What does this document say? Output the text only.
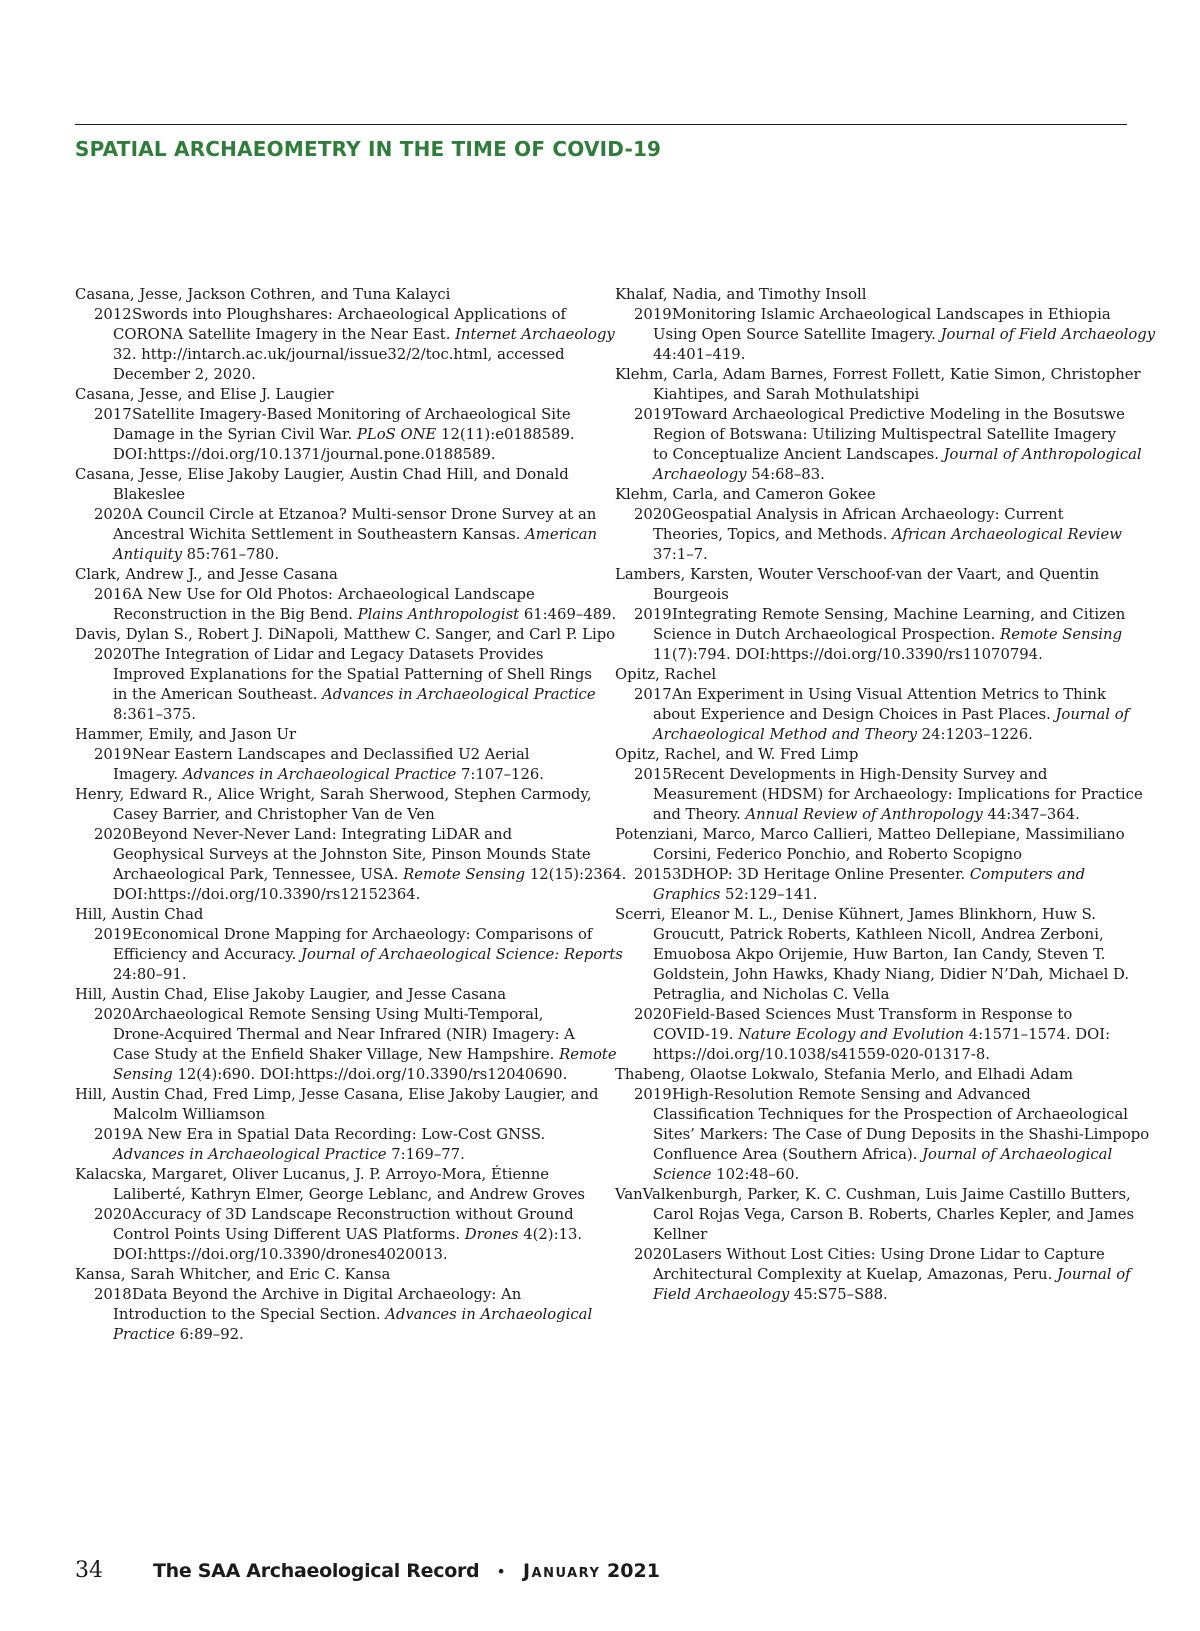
SPATIAL ARCHAEOMETRY IN THE TIME OF COVID-19
Casana, Jesse, Jackson Cothren, and Tuna Kalayci
2012 Swords into Ploughshares: Archaeological Applications of
CORONA Satellite Imagery in the Near East. Internet Archaeology
32. http://intarch.ac.uk/journal/issue32/2/toc.html, accessed
December 2, 2020.
Casana, Jesse, and Elise J. Laugier
2017 Satellite Imagery-Based Monitoring of Archaeological Site
Damage in the Syrian Civil War. PLoS ONE 12(11):e0188589.
DOI:https://doi.org/10.1371/journal.pone.0188589.
Casana, Jesse, Elise Jakoby Laugier, Austin Chad Hill, and Donald
Blakeslee
2020 A Council Circle at Etzanoa? Multi-sensor Drone Survey at an
Ancestral Wichita Settlement in Southeastern Kansas. American
Antiquity 85:761–780.
Clark, Andrew J., and Jesse Casana
2016 A New Use for Old Photos: Archaeological Landscape
Reconstruction in the Big Bend. Plains Anthropologist 61:469–489.
Davis, Dylan S., Robert J. DiNapoli, Matthew C. Sanger, and Carl P. Lipo
2020 The Integration of Lidar and Legacy Datasets Provides
Improved Explanations for the Spatial Patterning of Shell Rings
in the American Southeast. Advances in Archaeological Practice
8:361–375.
Hammer, Emily, and Jason Ur
2019 Near Eastern Landscapes and Declassified U2 Aerial
Imagery. Advances in Archaeological Practice 7:107–126.
Henry, Edward R., Alice Wright, Sarah Sherwood, Stephen Carmody,
Casey Barrier, and Christopher Van de Ven
2020 Beyond Never-Never Land: Integrating LiDAR and
Geophysical Surveys at the Johnston Site, Pinson Mounds State
Archaeological Park, Tennessee, USA. Remote Sensing 12(15):2364.
DOI:https://doi.org/10.3390/rs12152364.
Hill, Austin Chad
2019 Economical Drone Mapping for Archaeology: Comparisons of
Efficiency and Accuracy. Journal of Archaeological Science: Reports
24:80–91.
Hill, Austin Chad, Elise Jakoby Laugier, and Jesse Casana
2020 Archaeological Remote Sensing Using Multi-Temporal,
Drone-Acquired Thermal and Near Infrared (NIR) Imagery: A
Case Study at the Enfield Shaker Village, New Hampshire. Remote
Sensing 12(4):690. DOI:https://doi.org/10.3390/rs12040690.
Hill, Austin Chad, Fred Limp, Jesse Casana, Elise Jakoby Laugier, and
Malcolm Williamson
2019 A New Era in Spatial Data Recording: Low-Cost GNSS.
Advances in Archaeological Practice 7:169–77.
Kalacska, Margaret, Oliver Lucanus, J. P. Arroyo-Mora, Étienne
Laliberté, Kathryn Elmer, George Leblanc, and Andrew Groves
2020 Accuracy of 3D Landscape Reconstruction without Ground
Control Points Using Different UAS Platforms. Drones 4(2):13.
DOI:https://doi.org/10.3390/drones4020013.
Kansa, Sarah Whitcher, and Eric C. Kansa
2018 Data Beyond the Archive in Digital Archaeology: An
Introduction to the Special Section. Advances in Archaeological
Practice 6:89–92.
Khalaf, Nadia, and Timothy Insoll
2019 Monitoring Islamic Archaeological Landscapes in Ethiopia
Using Open Source Satellite Imagery. Journal of Field Archaeology
44:401–419.
Klehm, Carla, Adam Barnes, Forrest Follett, Katie Simon, Christopher
Kiahtipes, and Sarah Mothulatshipi
2019 Toward Archaeological Predictive Modeling in the Bosutswe
Region of Botswana: Utilizing Multispectral Satellite Imagery
to Conceptualize Ancient Landscapes. Journal of Anthropological
Archaeology 54:68–83.
Klehm, Carla, and Cameron Gokee
2020 Geospatial Analysis in African Archaeology: Current
Theories, Topics, and Methods. African Archaeological Review
37:1–7.
Lambers, Karsten, Wouter Verschoof-van der Vaart, and Quentin
Bourgeois
2019 Integrating Remote Sensing, Machine Learning, and Citizen
Science in Dutch Archaeological Prospection. Remote Sensing
11(7):794. DOI:https://doi.org/10.3390/rs11070794.
Opitz, Rachel
2017 An Experiment in Using Visual Attention Metrics to Think
about Experience and Design Choices in Past Places. Journal of
Archaeological Method and Theory 24:1203–1226.
Opitz, Rachel, and W. Fred Limp
2015 Recent Developments in High-Density Survey and
Measurement (HDSM) for Archaeology: Implications for Practice
and Theory. Annual Review of Anthropology 44:347–364.
Potenziani, Marco, Marco Callieri, Matteo Dellepiane, Massimiliano
Corsini, Federico Ponchio, and Roberto Scopigno
2015 3DHOP: 3D Heritage Online Presenter. Computers and
Graphics 52:129–141.
Scerri, Eleanor M. L., Denise Kühnert, James Blinkhorn, Huw S.
Groucutt, Patrick Roberts, Kathleen Nicoll, Andrea Zerboni,
Emuobosa Akpo Orijemie, Huw Barton, Ian Candy, Steven T.
Goldstein, John Hawks, Khady Niang, Didier N’Dah, Michael D.
Petraglia, and Nicholas C. Vella
2020 Field-Based Sciences Must Transform in Response to
COVID-19. Nature Ecology and Evolution 4:1571–1574. DOI:
https://doi.org/10.1038/s41559-020-01317-8.
Thabeng, Olaotse Lokwalo, Stefania Merlo, and Elhadi Adam
2019 High-Resolution Remote Sensing and Advanced
Classification Techniques for the Prospection of Archaeological
Sites’ Markers: The Case of Dung Deposits in the Shashi-Limpopo
Confluence Area (Southern Africa). Journal of Archaeological
Science 102:48–60.
VanValkenburgh, Parker, K. C. Cushman, Luis Jaime Castillo Butters,
Carol Rojas Vega, Carson B. Roberts, Charles Kepler, and James
Kellner
2020 Lasers Without Lost Cities: Using Drone Lidar to Capture
Architectural Complexity at Kuelap, Amazonas, Peru. Journal of
Field Archaeology 45:S75–S88.
34	The SAA Archaeological Record • January 2021
